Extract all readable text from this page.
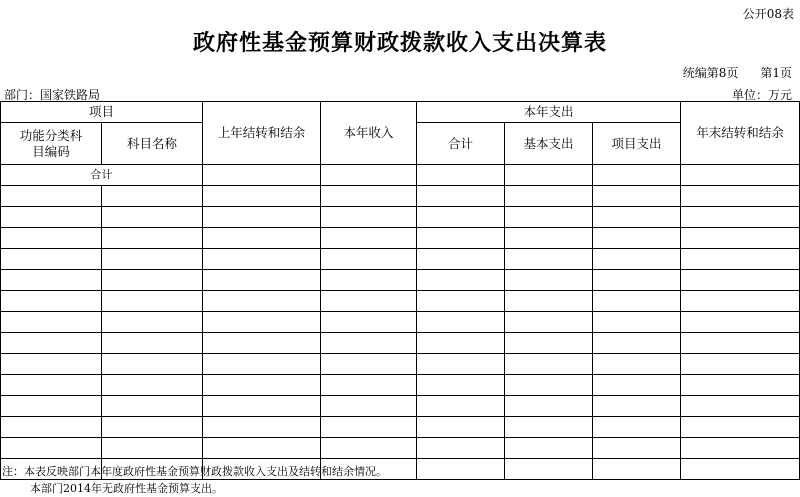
公开08表
政府性基金预算财政拨款收入支出决算表
统编第8页 第1页
部门：国家铁路局	单位：万元
项目		上年结转和结余	本年收入	本年支出			年末结转和结余

功能分类科目编码	科目名称			合计	基本支出	项目支出	
合计							

注：本表反映部门本年度政府性基金预算财政拨款收入支出及结转和结余情况。
本部门2014年无政府性基金预算支出。
